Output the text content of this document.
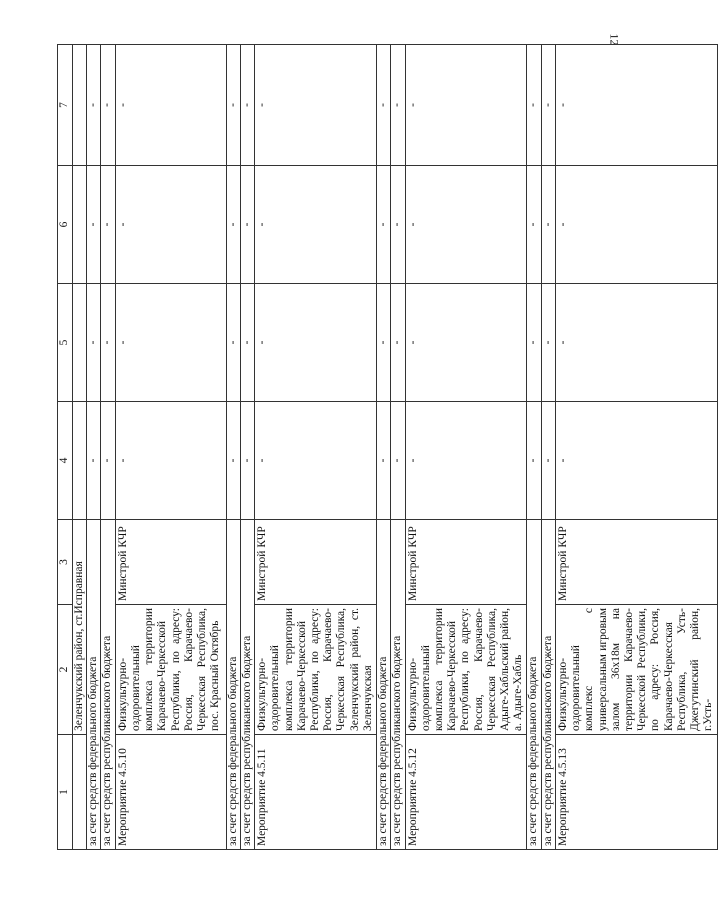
12
1	2	3	4	5	6	7
	Зеленчукский район, ст.Исправная					
за счет средств федерального бюджета			-	-	-	-
за счет средств республиканского бюджета			-	-	-	-
Мероприятие 4.5.10	Физкультурно-оздоровительный комплекса территории Карачаево-Черкесской Республики, по адресу: Россия, Карачаево-Черкесская Республика, пос. Красный Октябрь	Минстрой КЧР	-	-	-	-
за счет средств федерального бюджета			-	-	-	-
за счет средств республиканского бюджета			-	-	-	-
Мероприятие 4.5.11	Физкультурно-оздоровительный комплекса территории Карачаево-Черкесской Республики, по адресу: Россия, Карачаево-Черкесская Республика, Зеленчукский район, ст. Зеленчукская	Минстрой КЧР	-	-	-	-
за счет средств федерального бюджета			-	-	-	-
за счет средств республиканского бюджета			-	-	-	-
Мероприятие 4.5.12	Физкультурно-оздоровительный комплекса территории Карачаево-Черкесской Республики, по адресу: Россия, Карачаево-Черкесская Республика, Адыге-Хабльский район, а. Адыге-Хабль	Минстрой КЧР	-	-	-	-
за счет средств федерального бюджета			-	-	-	-
за счет средств республиканского бюджета			-	-	-	-
Мероприятие 4.5.13	Физкультурно-оздоровительный комплекс с универсальным игровым залом 36х18м на территории Карачаево-Черкесской Республики, по адресу: Россия, Карачаево-Черкесская Республика, Усть-Джегутинский район, г.Усть-	Минстрой КЧР	-	-	-	-
